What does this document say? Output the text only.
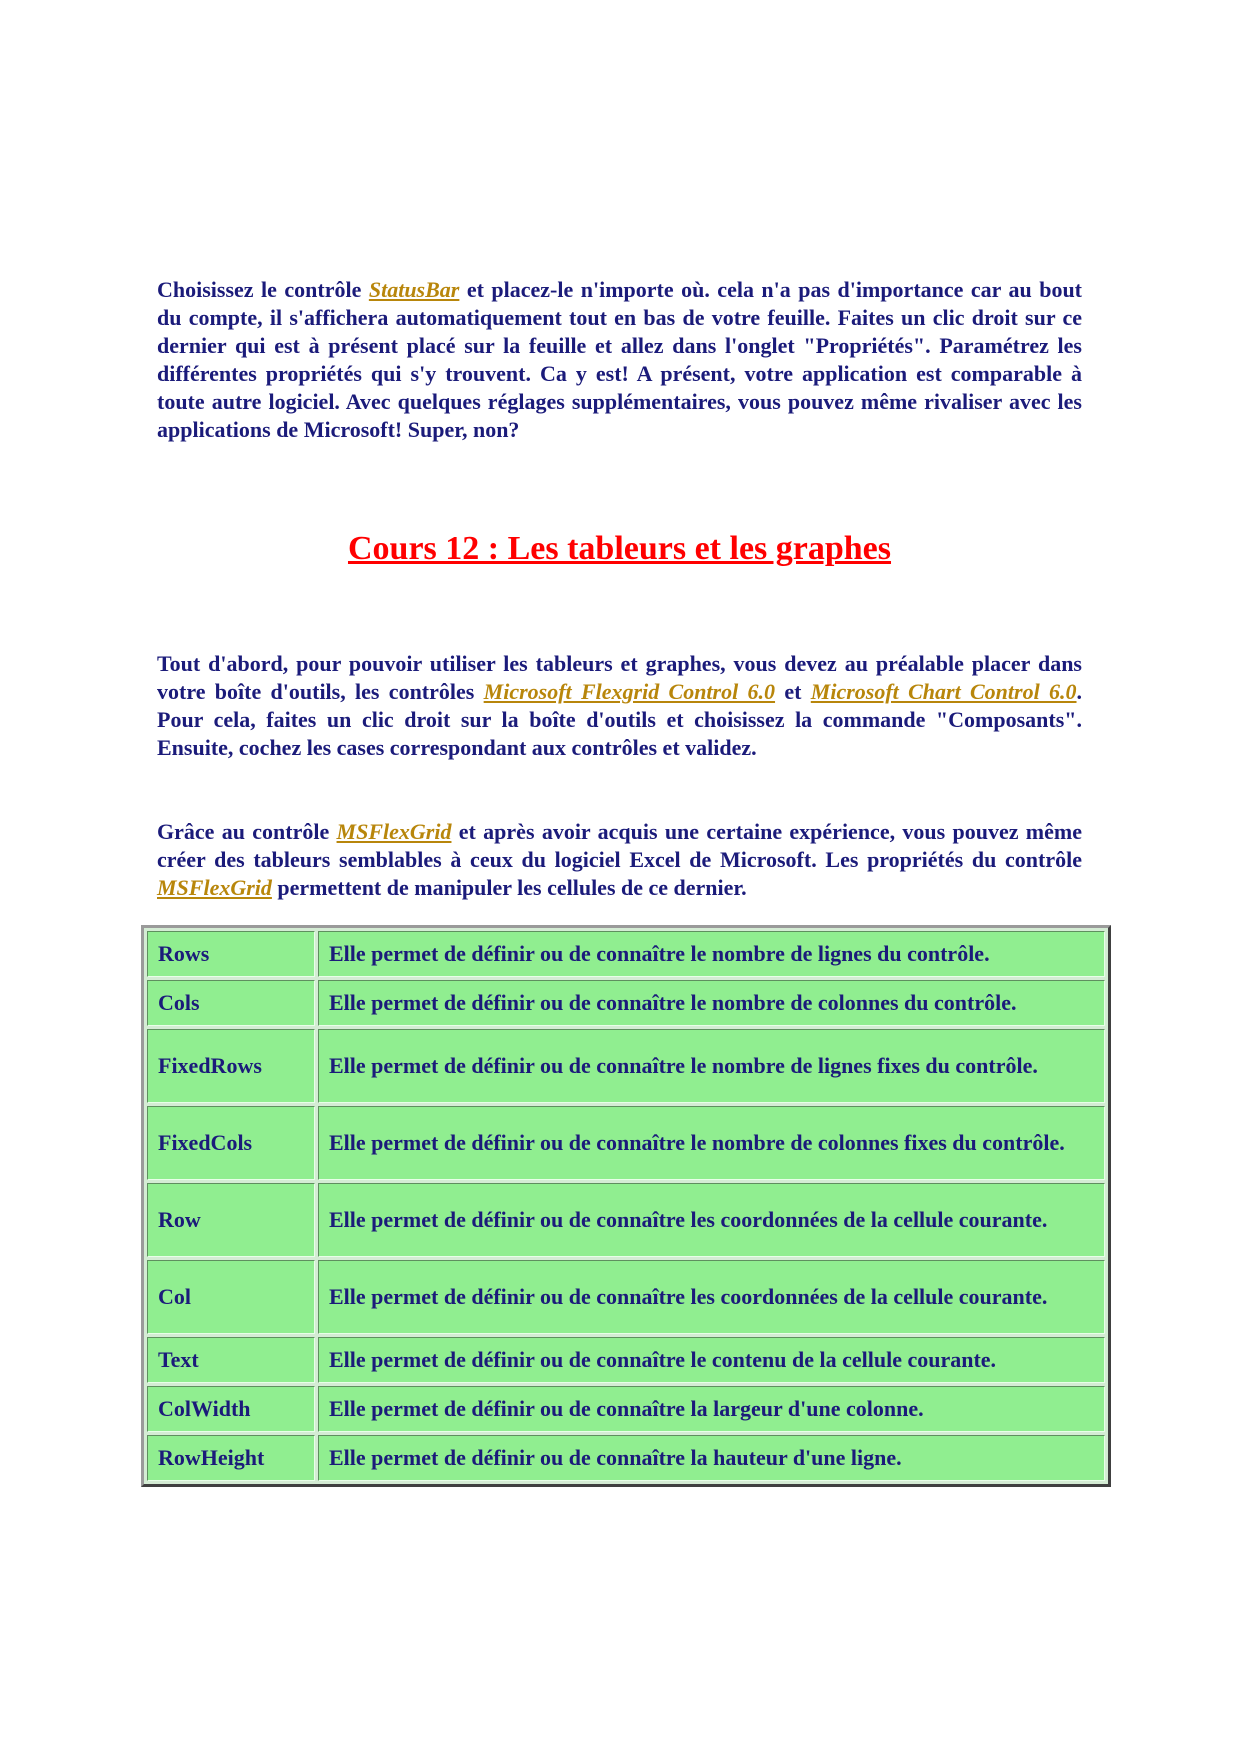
Choisissez le contrôle StatusBar et placez-le n'importe où. cela n'a pas d'importance car au bout du compte, il s'affichera automatiquement tout en bas de votre feuille. Faites un clic droit sur ce dernier qui est à présent placé sur la feuille et allez dans l'onglet "Propriétés". Paramétrez les différentes propriétés qui s'y trouvent. Ca y est! A présent, votre application est comparable à toute autre logiciel. Avec quelques réglages supplémentaires, vous pouvez même rivaliser avec les applications de Microsoft! Super, non?

Cours 12 : Les tableurs et les graphes

Tout d'abord, pour pouvoir utiliser les tableurs et graphes, vous devez au préalable placer dans votre boîte d'outils, les contrôles Microsoft Flexgrid Control 6.0 et Microsoft Chart Control 6.0. Pour cela, faites un clic droit sur la boîte d'outils et choisissez la commande "Composants". Ensuite, cochez les cases correspondant aux contrôles et validez.

Grâce au contrôle MSFlexGrid et après avoir acquis une certaine expérience, vous pouvez même créer des tableurs semblables à ceux du logiciel Excel de Microsoft. Les propriétés du contrôle MSFlexGrid permettent de manipuler les cellules de ce dernier.

Rows	Elle permet de définir ou de connaître le nombre de lignes du contrôle.
Cols	Elle permet de définir ou de connaître le nombre de colonnes du contrôle.
FixedRows	Elle permet de définir ou de connaître le nombre de lignes fixes du contrôle.
FixedCols	Elle permet de définir ou de connaître le nombre de colonnes fixes du contrôle.
Row	Elle permet de définir ou de connaître les coordonnées de la cellule courante.
Col	Elle permet de définir ou de connaître les coordonnées de la cellule courante.
Text	Elle permet de définir ou de connaître le contenu de la cellule courante.
ColWidth	Elle permet de définir ou de connaître la largeur d'une colonne.
RowHeight	Elle permet de définir ou de connaître la hauteur d'une ligne.
